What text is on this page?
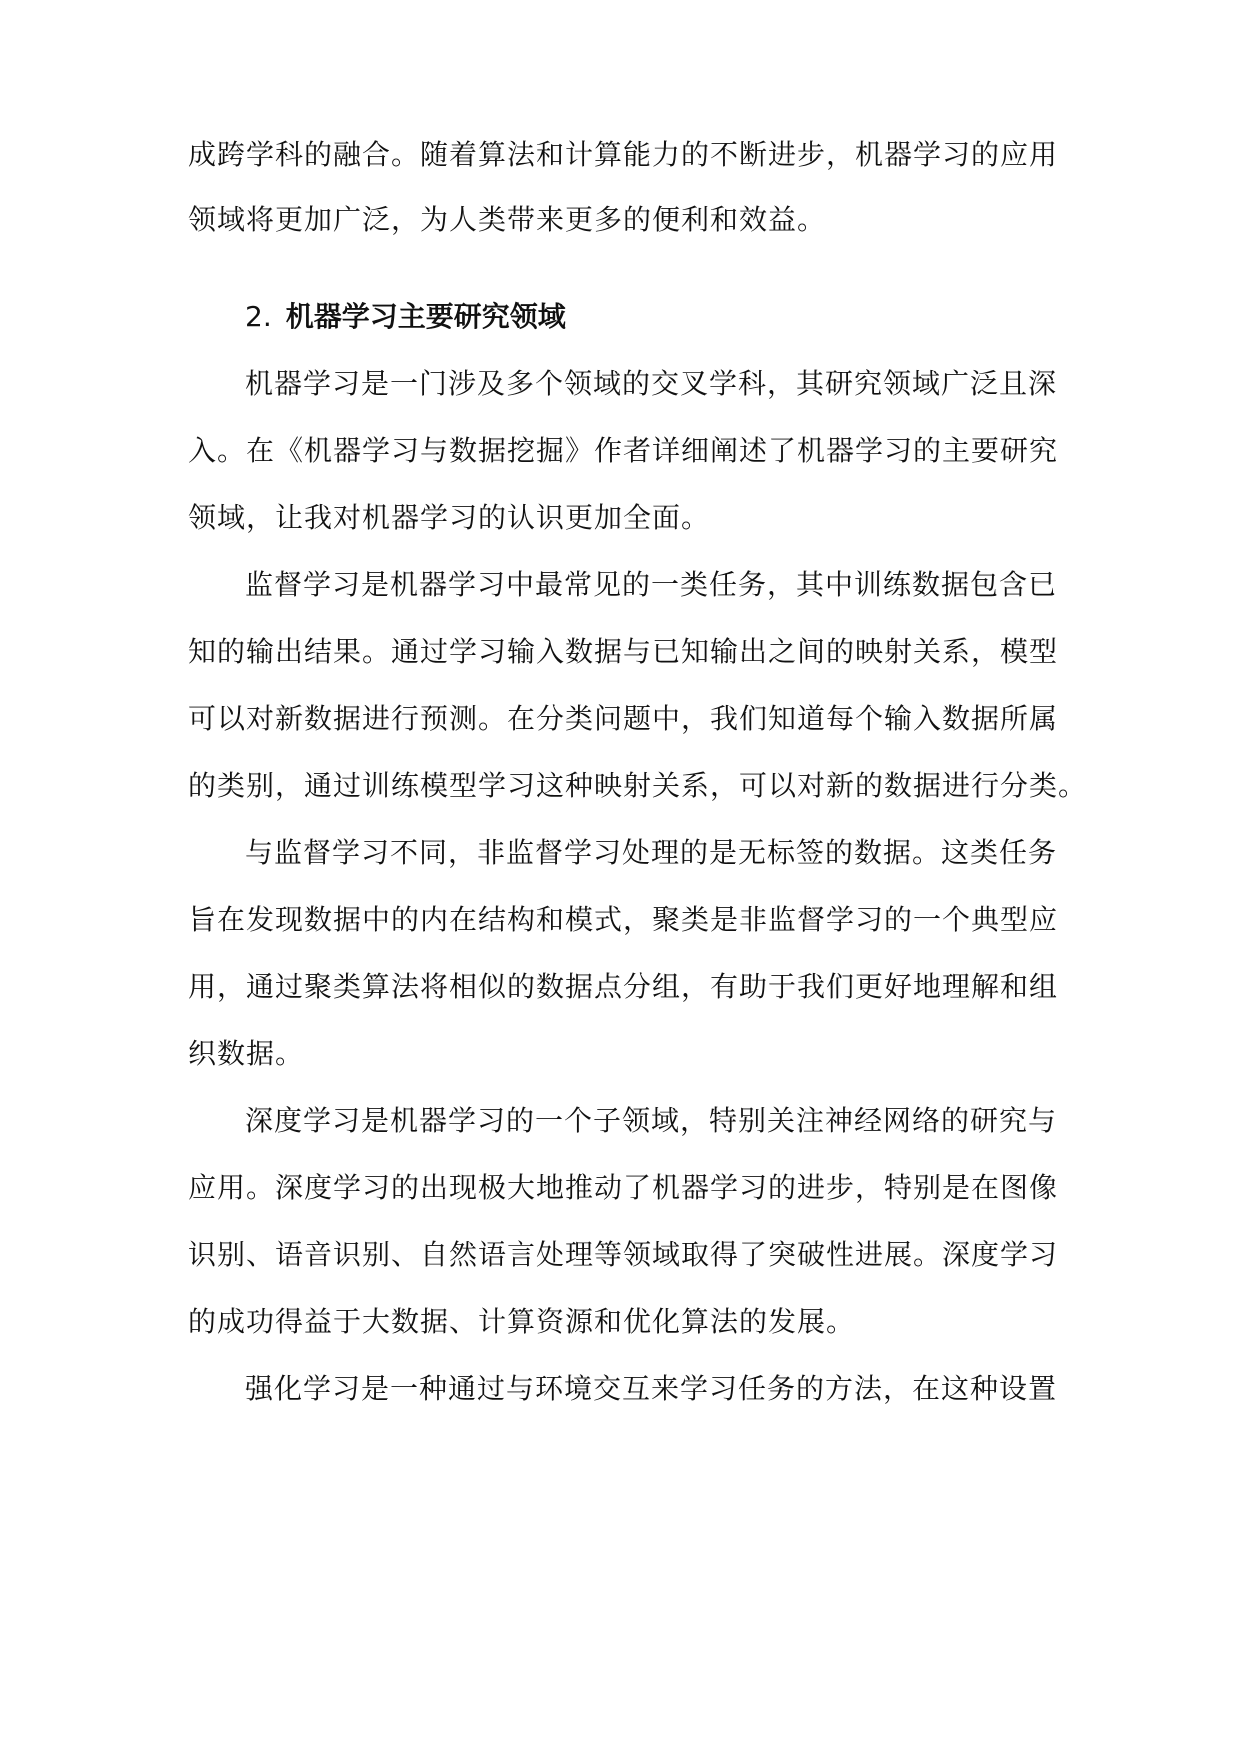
成跨学科的融合。随着算法和计算能力的不断进步，机器学习的应用
领域将更加广泛，为人类带来更多的便利和效益。
2. 机器学习主要研究领域
机器学习是一门涉及多个领域的交叉学科，其研究领域广泛且深
入。在《机器学习与数据挖掘》作者详细阐述了机器学习的主要研究
领域，让我对机器学习的认识更加全面。
监督学习是机器学习中最常见的一类任务，其中训练数据包含已
知的输出结果。通过学习输入数据与已知输出之间的映射关系，模型
可以对新数据进行预测。在分类问题中，我们知道每个输入数据所属
的类别，通过训练模型学习这种映射关系，可以对新的数据进行分类。
与监督学习不同，非监督学习处理的是无标签的数据。这类任务
旨在发现数据中的内在结构和模式，聚类是非监督学习的一个典型应
用，通过聚类算法将相似的数据点分组，有助于我们更好地理解和组
织数据。
深度学习是机器学习的一个子领域，特别关注神经网络的研究与
应用。深度学习的出现极大地推动了机器学习的进步，特别是在图像
识别、语音识别、自然语言处理等领域取得了突破性进展。深度学习
的成功得益于大数据、计算资源和优化算法的发展。
强化学习是一种通过与环境交互来学习任务的方法，在这种设置
